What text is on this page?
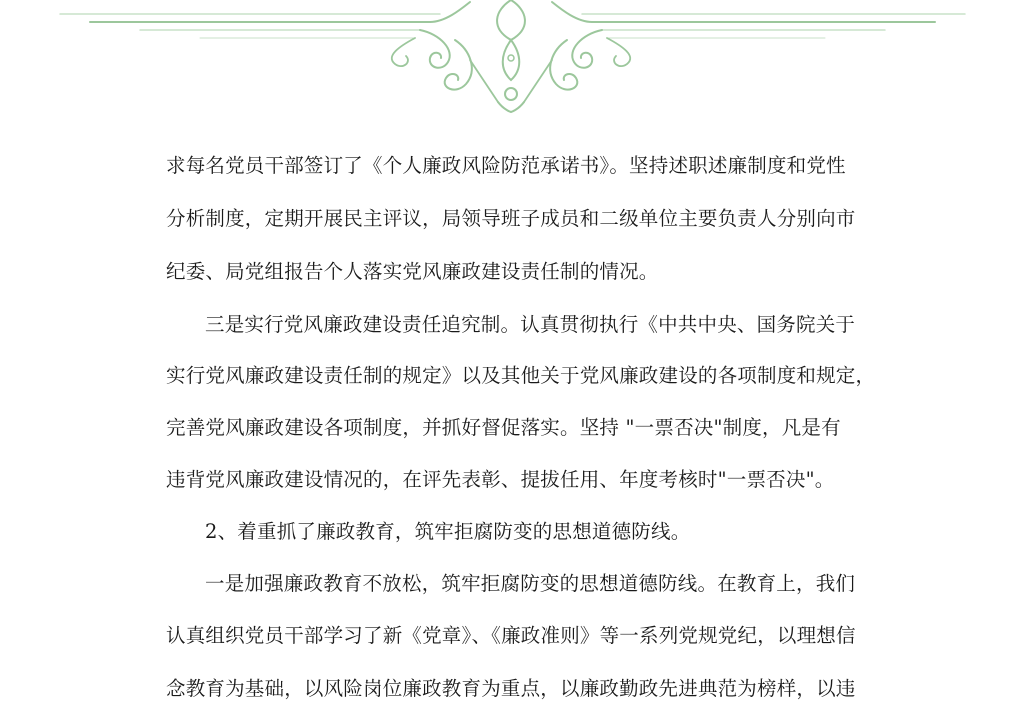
求每名党员干部签订了《个人廉政风险防范承诺书》。坚持述职述廉制度和党性
分析制度，定期开展民主评议，局领导班子成员和二级单位主要负责人分别向市
纪委、局党组报告个人落实党风廉政建设责任制的情况。
三是实行党风廉政建设责任追究制。认真贯彻执行《中共中央、国务院关于
实行党风廉政建设责任制的规定》以及其他关于党风廉政建设的各项制度和规定，
完善党风廉政建设各项制度，并抓好督促落实。坚持 "一票否决"制度，凡是有
违背党风廉政建设情况的，在评先表彰、提拔任用、年度考核时"一票否决"。
2、着重抓了廉政教育，筑牢拒腐防变的思想道德防线。
一是加强廉政教育不放松，筑牢拒腐防变的思想道德防线。在教育上，我们
认真组织党员干部学习了新《党章》、《廉政准则》等一系列党规党纪，以理想信
念教育为基础，以风险岗位廉政教育为重点，以廉政勤政先进典范为榜样，以违
